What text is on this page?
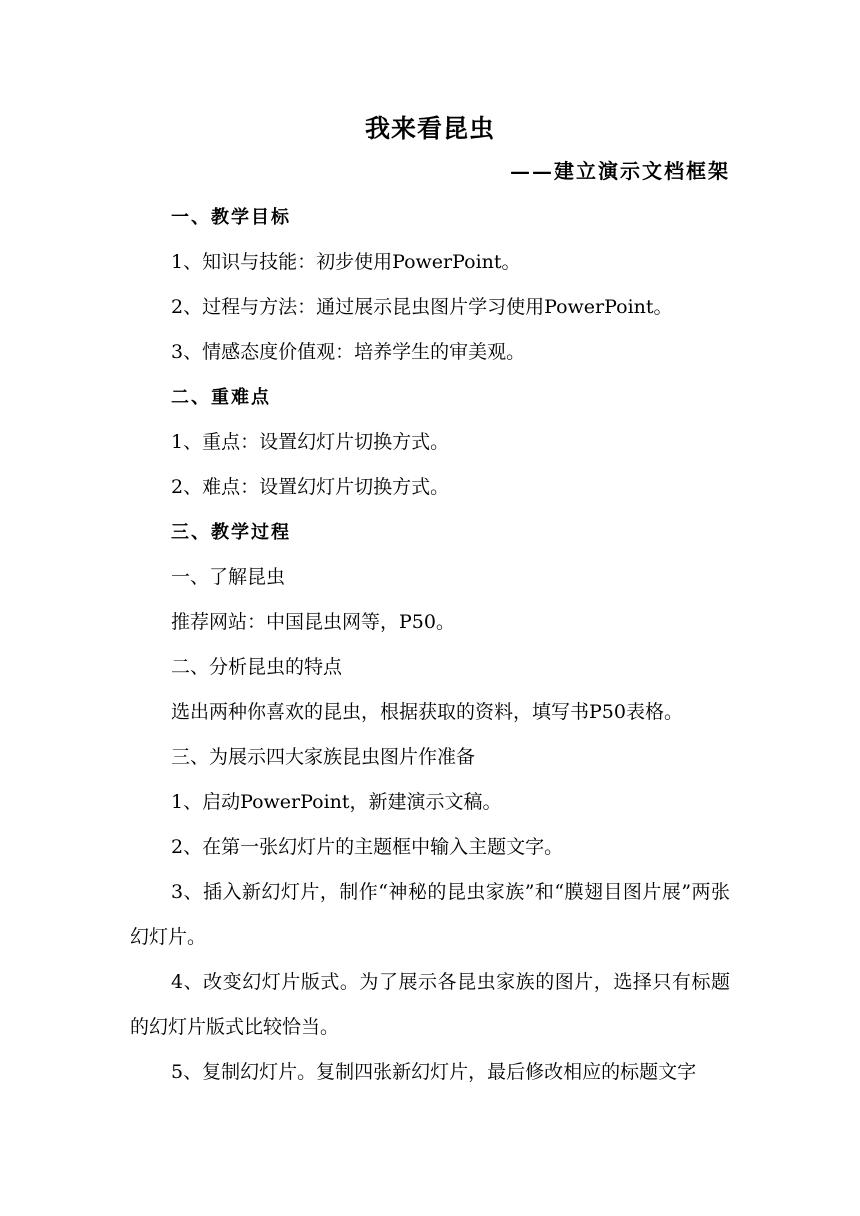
我来看昆虫
——建立演示文档框架
一、教学目标
1、知识与技能：初步使用PowerPoint。
2、过程与方法：通过展示昆虫图片学习使用PowerPoint。
3、情感态度价值观：培养学生的审美观。
二、重难点
1、重点：设置幻灯片切换方式。
2、难点：设置幻灯片切换方式。
三、教学过程
一、了解昆虫
推荐网站：中国昆虫网等，P50。
二、分析昆虫的特点
选出两种你喜欢的昆虫，根据获取的资料，填写书P50表格。
三、为展示四大家族昆虫图片作准备
1、启动PowerPoint，新建演示文稿。
2、在第一张幻灯片的主题框中输入主题文字。
3、插入新幻灯片，制作“神秘的昆虫家族”和“膜翅目图片展”两张幻灯片。
4、改变幻灯片版式。为了展示各昆虫家族的图片，选择只有标题的幻灯片版式比较恰当。
5、复制幻灯片。复制四张新幻灯片，最后修改相应的标题文字
